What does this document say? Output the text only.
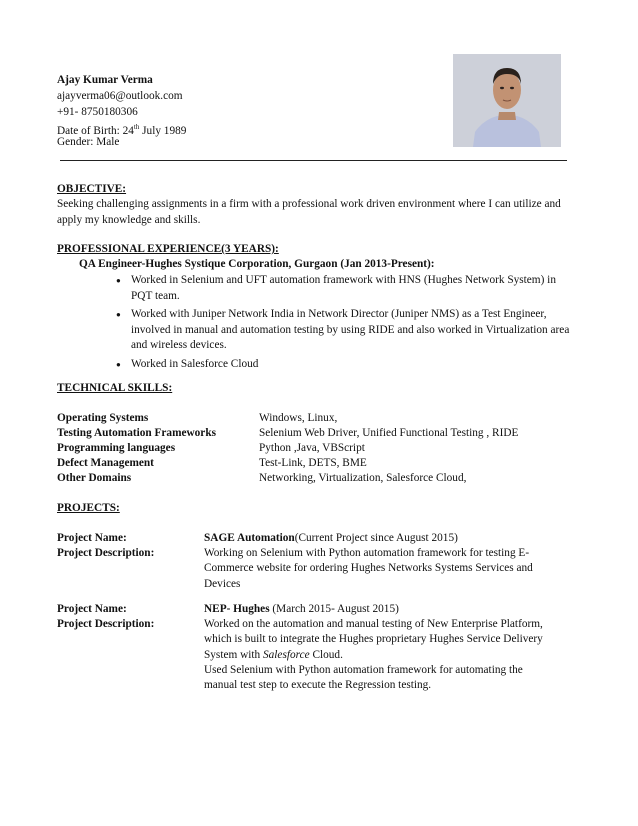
Ajay Kumar Verma
ajayverma06@outlook.com
+91- 8750180306
Date of Birth: 24th July 1989
Gender: Male
OBJECTIVE:
Seeking challenging assignments in a firm with a professional work driven environment where I can utilize and
apply my knowledge and skills.
PROFESSIONAL EXPERIENCE(3 YEARS):
QA Engineer-Hughes Systique Corporation, Gurgaon (Jan 2013-Present):
● Worked in Selenium and UFT automation framework with HNS (Hughes Network System) in PQT team.
● Worked with Juniper Network India in Network Director (Juniper NMS) as a Test Engineer, involved in manual and automation testing by using RIDE and also worked in Virtualization area and wireless devices.
● Worked in Salesforce Cloud
TECHNICAL SKILLS:
Operating Systems	Windows, Linux,
Testing Automation Frameworks	Selenium Web Driver, Unified Functional Testing , RIDE
Programming languages	Python ,Java, VBScript
Defect Management	Test-Link, DETS, BME
Other Domains	Networking, Virtualization, Salesforce Cloud,
PROJECTS:
Project Name:	SAGE Automation(Current Project since August 2015)
Project Description:	Working on Selenium with Python automation framework for testing E-Commerce website for ordering Hughes Networks Systems Services and Devices
Project Name:	NEP- Hughes (March 2015- August 2015)
Project Description:	Worked on the automation and manual testing of New Enterprise Platform, which is built to integrate the Hughes proprietary Hughes Service Delivery System with Salesforce Cloud.
Used Selenium with Python automation framework for automating the manual test step to execute the Regression testing.
